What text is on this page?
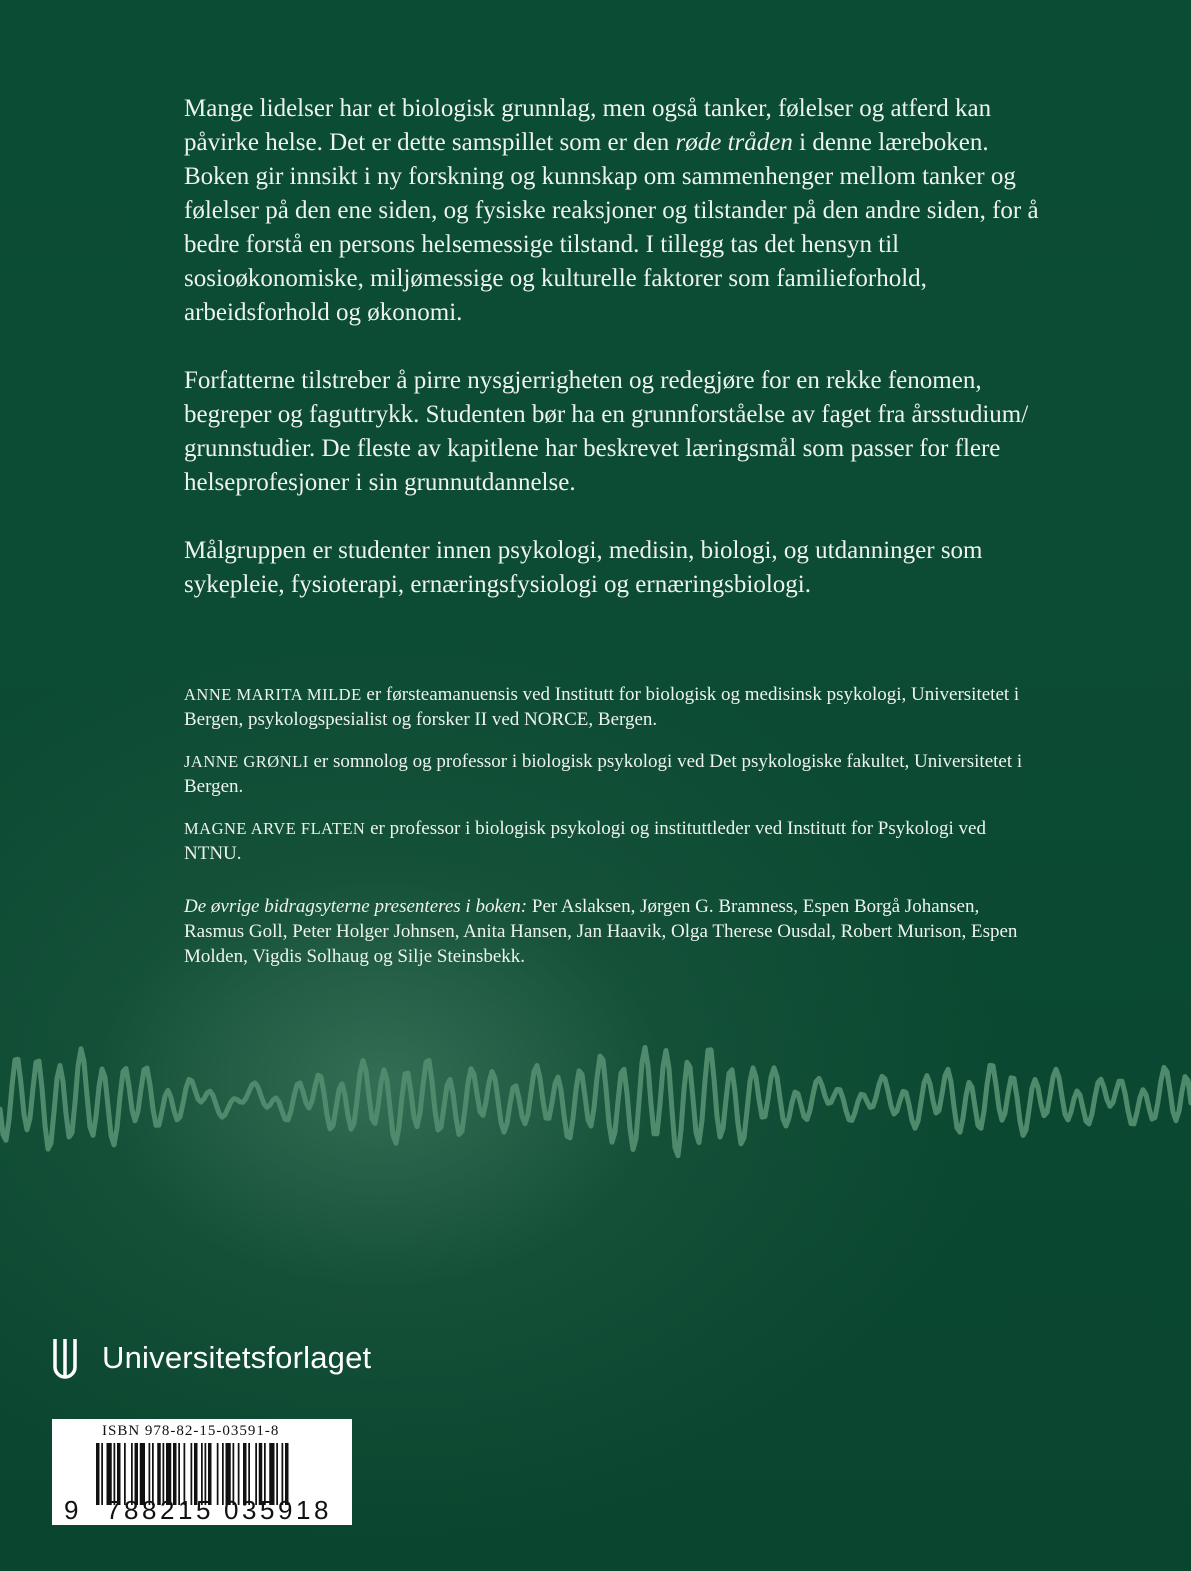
Mange lidelser har et biologisk grunnlag, men også tanker, følelser og atferd kan påvirke helse. Det er dette samspillet som er den røde tråden i denne læreboken. Boken gir innsikt i ny forskning og kunnskap om sammenhenger mellom tanker og følelser på den ene siden, og fysiske reaksjoner og tilstander på den andre siden, for å bedre forstå en persons helsemessige tilstand. I tillegg tas det hensyn til sosioøkonomiske, miljømessige og kulturelle faktorer som familieforhold, arbeidsforhold og økonomi.

Forfatterne tilstreber å pirre nysgjerrigheten og redegjøre for en rekke fenomen, begreper og faguttrykk. Studenten bør ha en grunnforståelse av faget fra årsstudium/ grunnstudier. De fleste av kapitlene har beskrevet læringsmål som passer for flere helseprofesjoner i sin grunnutdannelse.

Målgruppen er studenter innen psykologi, medisin, biologi, og utdanninger som sykepleie, fysioterapi, ernæringsfysiologi og ernæringsbiologi.

ANNE MARITA MILDE er førsteamanuensis ved Institutt for biologisk og medisinsk psykologi, Universitetet i Bergen, psykologspesialist og forsker II ved NORCE, Bergen.

JANNE GRØNLI er somnolog og professor i biologisk psykologi ved Det psykologiske fakultet, Universitetet i Bergen.

MAGNE ARVE FLATEN er professor i biologisk psykologi og instituttleder ved Institutt for Psykologi ved NTNU.

De øvrige bidragsyterne presenteres i boken: Per Aslaksen, Jørgen G. Bramness, Espen Borgå Johansen, Rasmus Goll, Peter Holger Johnsen, Anita Hansen, Jan Haavik, Olga Therese Ousdal, Robert Murison, Espen Molden, Vigdis Solhaug og Silje Steinsbekk.

Universitetsforlaget
ISBN 978-82-15-03591-8
9 7 8 8 2 1 5 0 3 5 9 1 8
